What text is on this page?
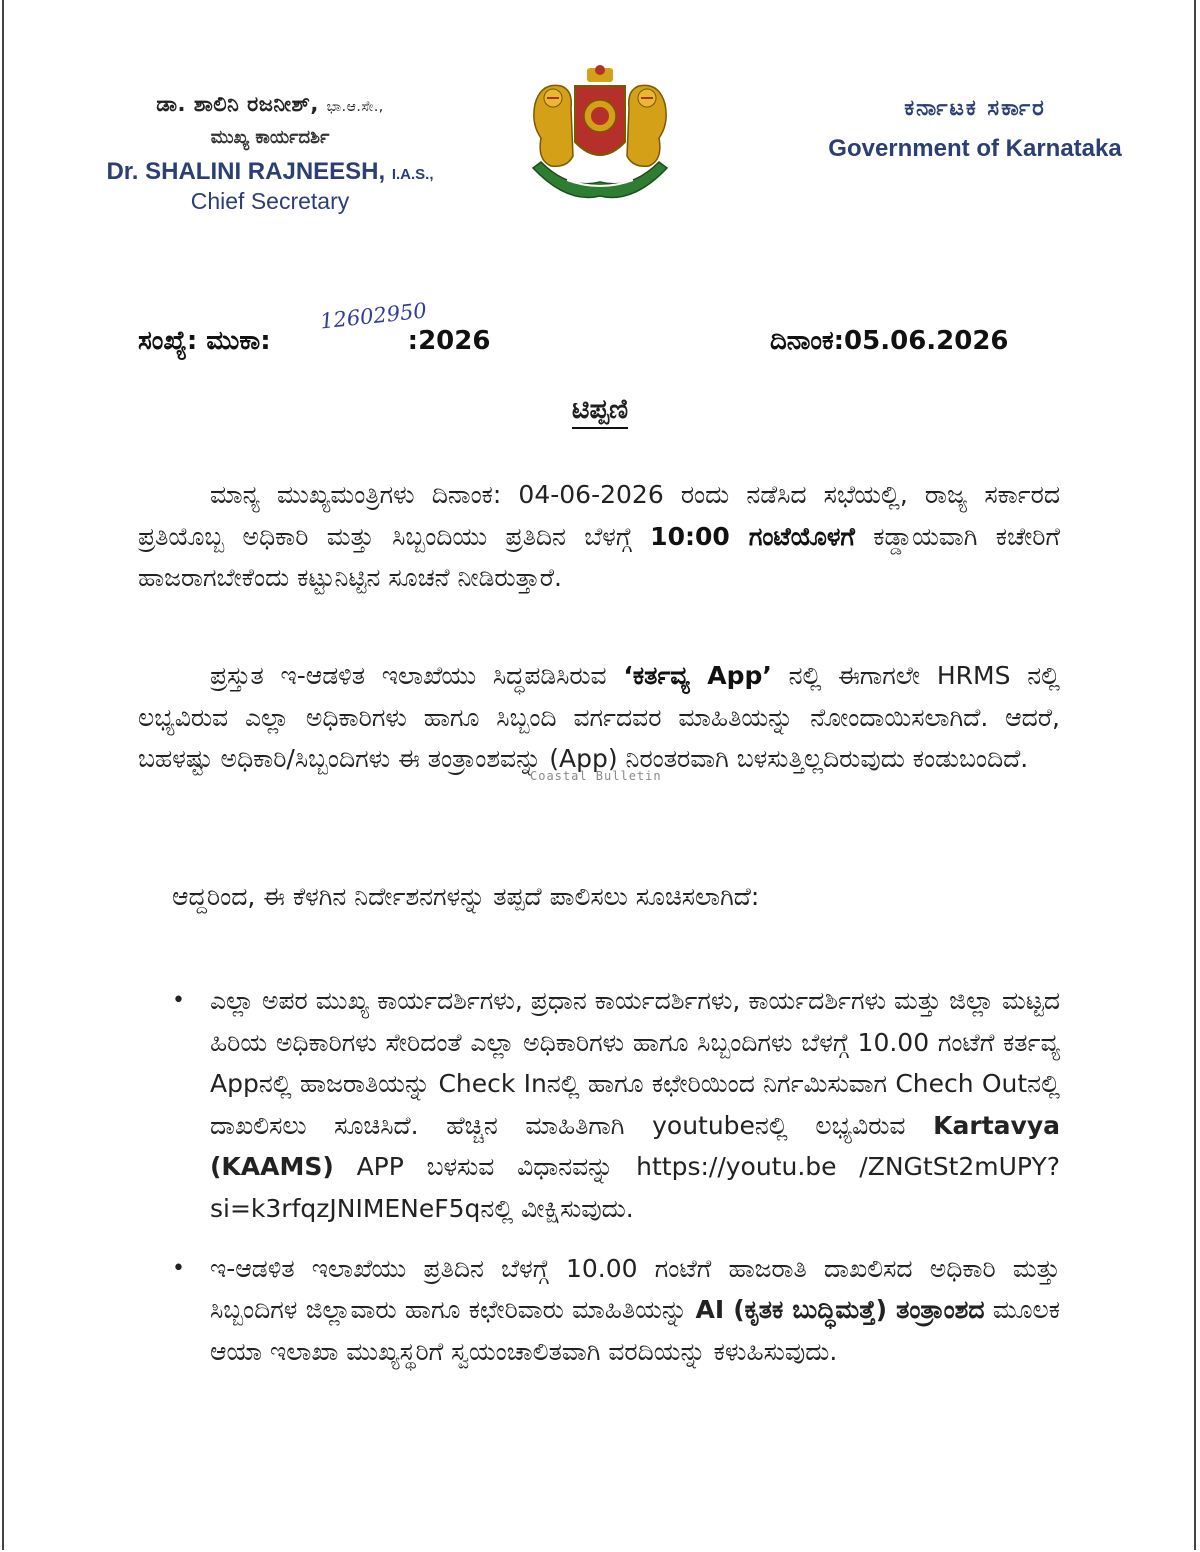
ಡಾ. ಶಾಲಿನಿ ರಜನೀಶ್, ಭಾ.ಆ.ಸೇ.,
ಮುಖ್ಯ ಕಾರ್ಯದರ್ಶಿ
Dr. SHALINI RAJNEESH, I.A.S.,
Chief Secretary
ಕರ್ನಾಟಕ ಸರ್ಕಾರ
Government of Karnataka
ಸಂಖ್ಯೆ: ಮುಕಾ:
12602950
:2026	ದಿನಾಂಕ:05.06.2026
ಟಿಪ್ಪಣಿ
ಮಾನ್ಯ ಮುಖ್ಯಮಂತ್ರಿಗಳು ದಿನಾಂಕ: 04-06-2026 ರಂದು ನಡೆಸಿದ ಸಭೆಯಲ್ಲಿ, ರಾಜ್ಯ ಸರ್ಕಾರದ ಪ್ರತಿಯೊಬ್ಬ ಅಧಿಕಾರಿ ಮತ್ತು ಸಿಬ್ಬಂದಿಯು ಪ್ರತಿದಿನ ಬೆಳಗ್ಗೆ 10:00 ಗಂಟೆಯೊಳಗೆ ಕಡ್ಡಾಯವಾಗಿ ಕಚೇರಿಗೆ ಹಾಜರಾಗಬೇಕೆಂದು ಕಟ್ಟುನಿಟ್ಟಿನ ಸೂಚನೆ ನೀಡಿರುತ್ತಾರೆ.
ಪ್ರಸ್ತುತ ಇ-ಆಡಳಿತ ಇಲಾಖೆಯು ಸಿದ್ಧಪಡಿಸಿರುವ ‘ಕರ್ತವ್ಯ App’ ನಲ್ಲಿ ಈಗಾಗಲೇ HRMS ನಲ್ಲಿ ಲಭ್ಯವಿರುವ ಎಲ್ಲಾ ಅಧಿಕಾರಿಗಳು ಹಾಗೂ ಸಿಬ್ಬಂದಿ ವರ್ಗದವರ ಮಾಹಿತಿಯನ್ನು ನೋಂದಾಯಿಸಲಾಗಿದೆ. ಆದರೆ, ಬಹಳಷ್ಟು ಅಧಿಕಾರಿ/ಸಿಬ್ಬಂದಿಗಳು ಈ ತಂತ್ರಾಂಶವನ್ನು (App) ನಿರಂತರವಾಗಿ ಬಳಸುತ್ತಿಲ್ಲದಿರುವುದು ಕಂಡುಬಂದಿದೆ.
ಆದ್ದರಿಂದ, ಈ ಕೆಳಗಿನ ನಿರ್ದೇಶನಗಳನ್ನು ತಪ್ಪದೆ ಪಾಲಿಸಲು ಸೂಚಿಸಲಾಗಿದೆ:
• ಎಲ್ಲಾ ಅಪರ ಮುಖ್ಯ ಕಾರ್ಯದರ್ಶಿಗಳು, ಪ್ರಧಾನ ಕಾರ್ಯದರ್ಶಿಗಳು, ಕಾರ್ಯದರ್ಶಿಗಳು ಮತ್ತು ಜಿಲ್ಲಾ ಮಟ್ಟದ ಹಿರಿಯ ಅಧಿಕಾರಿಗಳು ಸೇರಿದಂತೆ ಎಲ್ಲಾ ಅಧಿಕಾರಿಗಳು ಹಾಗೂ ಸಿಬ್ಬಂದಿಗಳು ಬೆಳಗ್ಗೆ 10.00 ಗಂಟೆಗೆ ಕರ್ತವ್ಯ Appನಲ್ಲಿ ಹಾಜರಾತಿಯನ್ನು Check Inನಲ್ಲಿ ಹಾಗೂ ಕಛೇರಿಯಿಂದ ನಿರ್ಗಮಿಸುವಾಗ Chech Outನಲ್ಲಿ ದಾಖಲಿಸಲು ಸೂಚಿಸಿದೆ. ಹೆಚ್ಚಿನ ಮಾಹಿತಿಗಾಗಿ youtubeನಲ್ಲಿ ಲಭ್ಯವಿರುವ Kartavya (KAAMS) APP ಬಳಸುವ ವಿಧಾನವನ್ನು https://youtu.be /ZNGtSt2mUPY?si=k3rfqzJNIMENeF5qನಲ್ಲಿ ವೀಕ್ಷಿಸುವುದು.
• ಇ-ಆಡಳಿತ ಇಲಾಖೆಯು ಪ್ರತಿದಿನ ಬೆಳಗ್ಗೆ 10.00 ಗಂಟೆಗೆ ಹಾಜರಾತಿ ದಾಖಲಿಸದ ಅಧಿಕಾರಿ ಮತ್ತು ಸಿಬ್ಬಂದಿಗಳ ಜಿಲ್ಲಾವಾರು ಹಾಗೂ ಕಛೇರಿವಾರು ಮಾಹಿತಿಯನ್ನು AI (ಕೃತಕ ಬುದ್ಧಿಮತ್ತೆ) ತಂತ್ರಾಂಶದ ಮೂಲಕ ಆಯಾ ಇಲಾಖಾ ಮುಖ್ಯಸ್ಥರಿಗೆ ಸ್ವಯಂಚಾಲಿತವಾಗಿ ವರದಿಯನ್ನು ಕಳುಹಿಸುವುದು.
Coastal Bulletin
